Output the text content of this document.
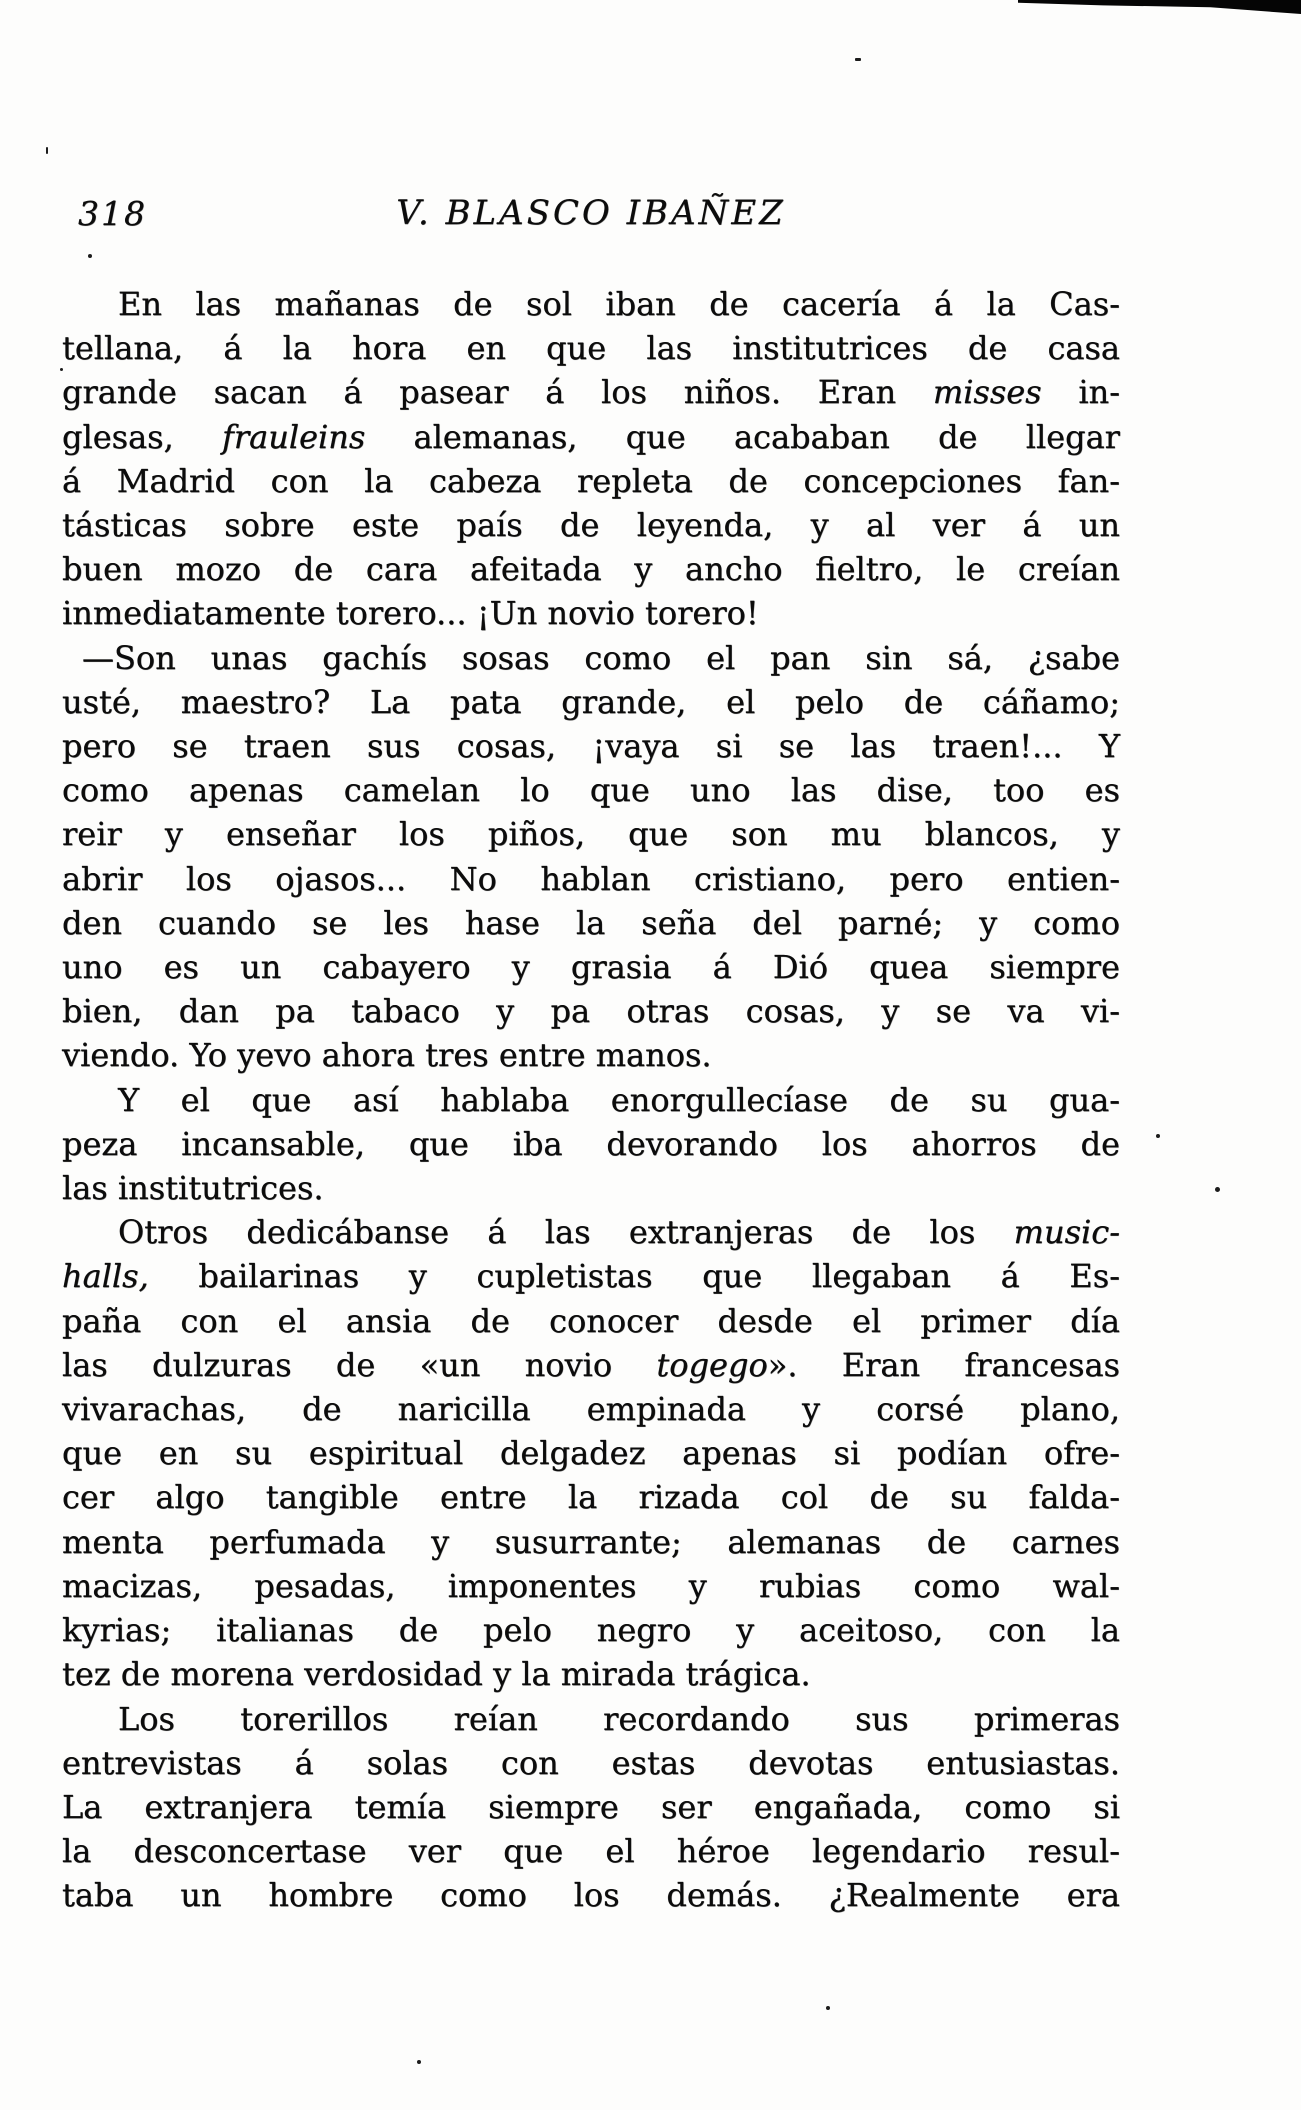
318	V. BLASCO IBAÑEZ
En las mañanas de sol iban de cacería á la Cas-
tellana, á la hora en que las institutrices de casa
grande sacan á pasear á los niños. Eran misses in-
glesas, frauleins alemanas, que acababan de llegar
á Madrid con la cabeza repleta de concepciones fan-
tásticas sobre este país de leyenda, y al ver á un
buen mozo de cara afeitada y ancho fieltro, le creían
inmediatamente torero... ¡Un novio torero!
—Son unas gachís sosas como el pan sin sá, ¿sabe
usté, maestro? La pata grande, el pelo de cáñamo;
pero se traen sus cosas, ¡vaya si se las traen!... Y
como apenas camelan lo que uno las dise, too es
reir y enseñar los piños, que son mu blancos, y
abrir los ojasos... No hablan cristiano, pero entien-
den cuando se les hase la seña del parné; y como
uno es un cabayero y grasia á Dió quea siempre
bien, dan pa tabaco y pa otras cosas, y se va vi-
viendo. Yo yevo ahora tres entre manos.
Y el que así hablaba enorgullecíase de su gua-
peza incansable, que iba devorando los ahorros de
las institutrices.
Otros dedicábanse á las extranjeras de los music-
halls, bailarinas y cupletistas que llegaban á Es-
paña con el ansia de conocer desde el primer día
las dulzuras de «un novio togego». Eran francesas
vivarachas, de naricilla empinada y corsé plano,
que en su espiritual delgadez apenas si podían ofre-
cer algo tangible entre la rizada col de su falda-
menta perfumada y susurrante; alemanas de carnes
macizas, pesadas, imponentes y rubias como wal-
kyrias; italianas de pelo negro y aceitoso, con la
tez de morena verdosidad y la mirada trágica.
Los torerillos reían recordando sus primeras
entrevistas á solas con estas devotas entusiastas.
La extranjera temía siempre ser engañada, como si
la desconcertase ver que el héroe legendario resul-
taba un hombre como los demás. ¿Realmente era
